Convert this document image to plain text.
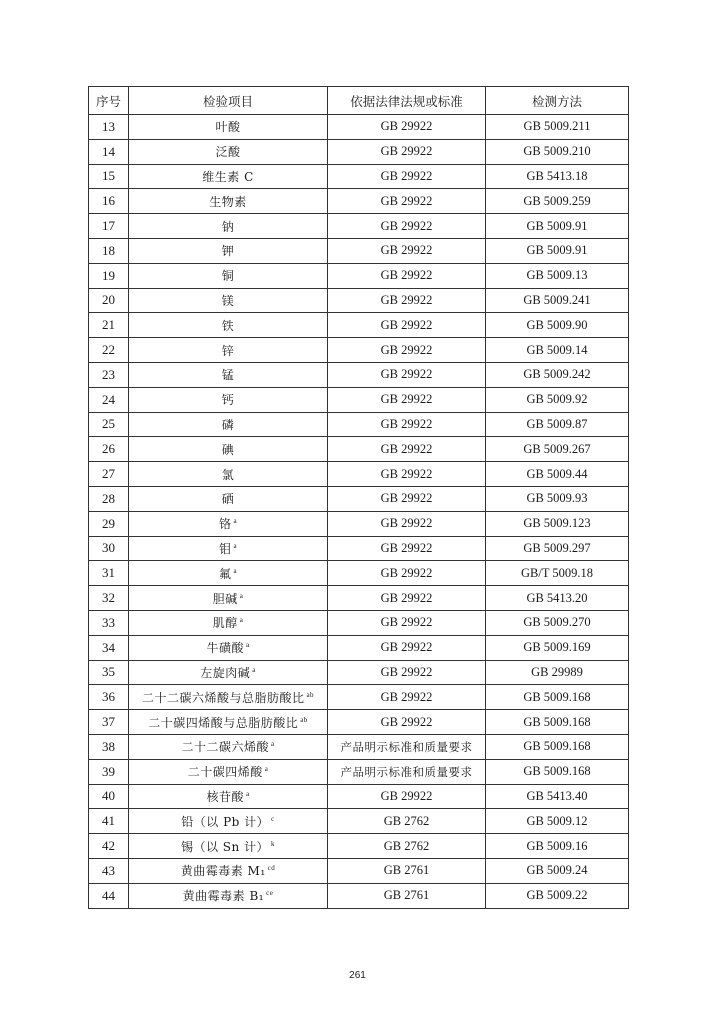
序号	检验项目	依据法律法规或标准	检测方法
13	叶酸	GB 29922	GB 5009.211
14	泛酸	GB 29922	GB 5009.210
15	维生素 C	GB 29922	GB 5413.18
16	生物素	GB 29922	GB 5009.259
17	钠	GB 29922	GB 5009.91
18	钾	GB 29922	GB 5009.91
19	铜	GB 29922	GB 5009.13
20	镁	GB 29922	GB 5009.241
21	铁	GB 29922	GB 5009.90
22	锌	GB 29922	GB 5009.14
23	锰	GB 29922	GB 5009.242
24	钙	GB 29922	GB 5009.92
25	磷	GB 29922	GB 5009.87
26	碘	GB 29922	GB 5009.267
27	氯	GB 29922	GB 5009.44
28	硒	GB 29922	GB 5009.93
29	铬 $^a$	GB 29922	GB 5009.123
30	钼 $^a$	GB 29922	GB 5009.297
31	氟 $^a$	GB 29922	GB/T 5009.18
32	胆碱 $^a$	GB 29922	GB 5413.20
33	肌醇 $^a$	GB 29922	GB 5009.270
34	牛磺酸 $^a$	GB 29922	GB 5009.169
35	左旋肉碱 $^a$	GB 29922	GB 29989
36	二十二碳六烯酸与总脂肪酸比 $^{ab}$	GB 29922	GB 5009.168
37	二十碳四烯酸与总脂肪酸比 $^{ab}$	GB 29922	GB 5009.168
38	二十二碳六烯酸 $^a$	产品明示标准和质量要求	GB 5009.168
39	二十碳四烯酸 $^a$	产品明示标准和质量要求	GB 5009.168
40	核苷酸 $^a$	GB 29922	GB 5413.40
41	铅（以 Pb 计） $^c$	GB 2762	GB 5009.12
42	锡（以 Sn 计） $^k$	GB 2762	GB 5009.16
43	黄曲霉毒素 M₁ $^{cd}$	GB 2761	GB 5009.24
44	黄曲霉毒素 B₁ $^{ce}$	GB 2761	GB 5009.22
261
